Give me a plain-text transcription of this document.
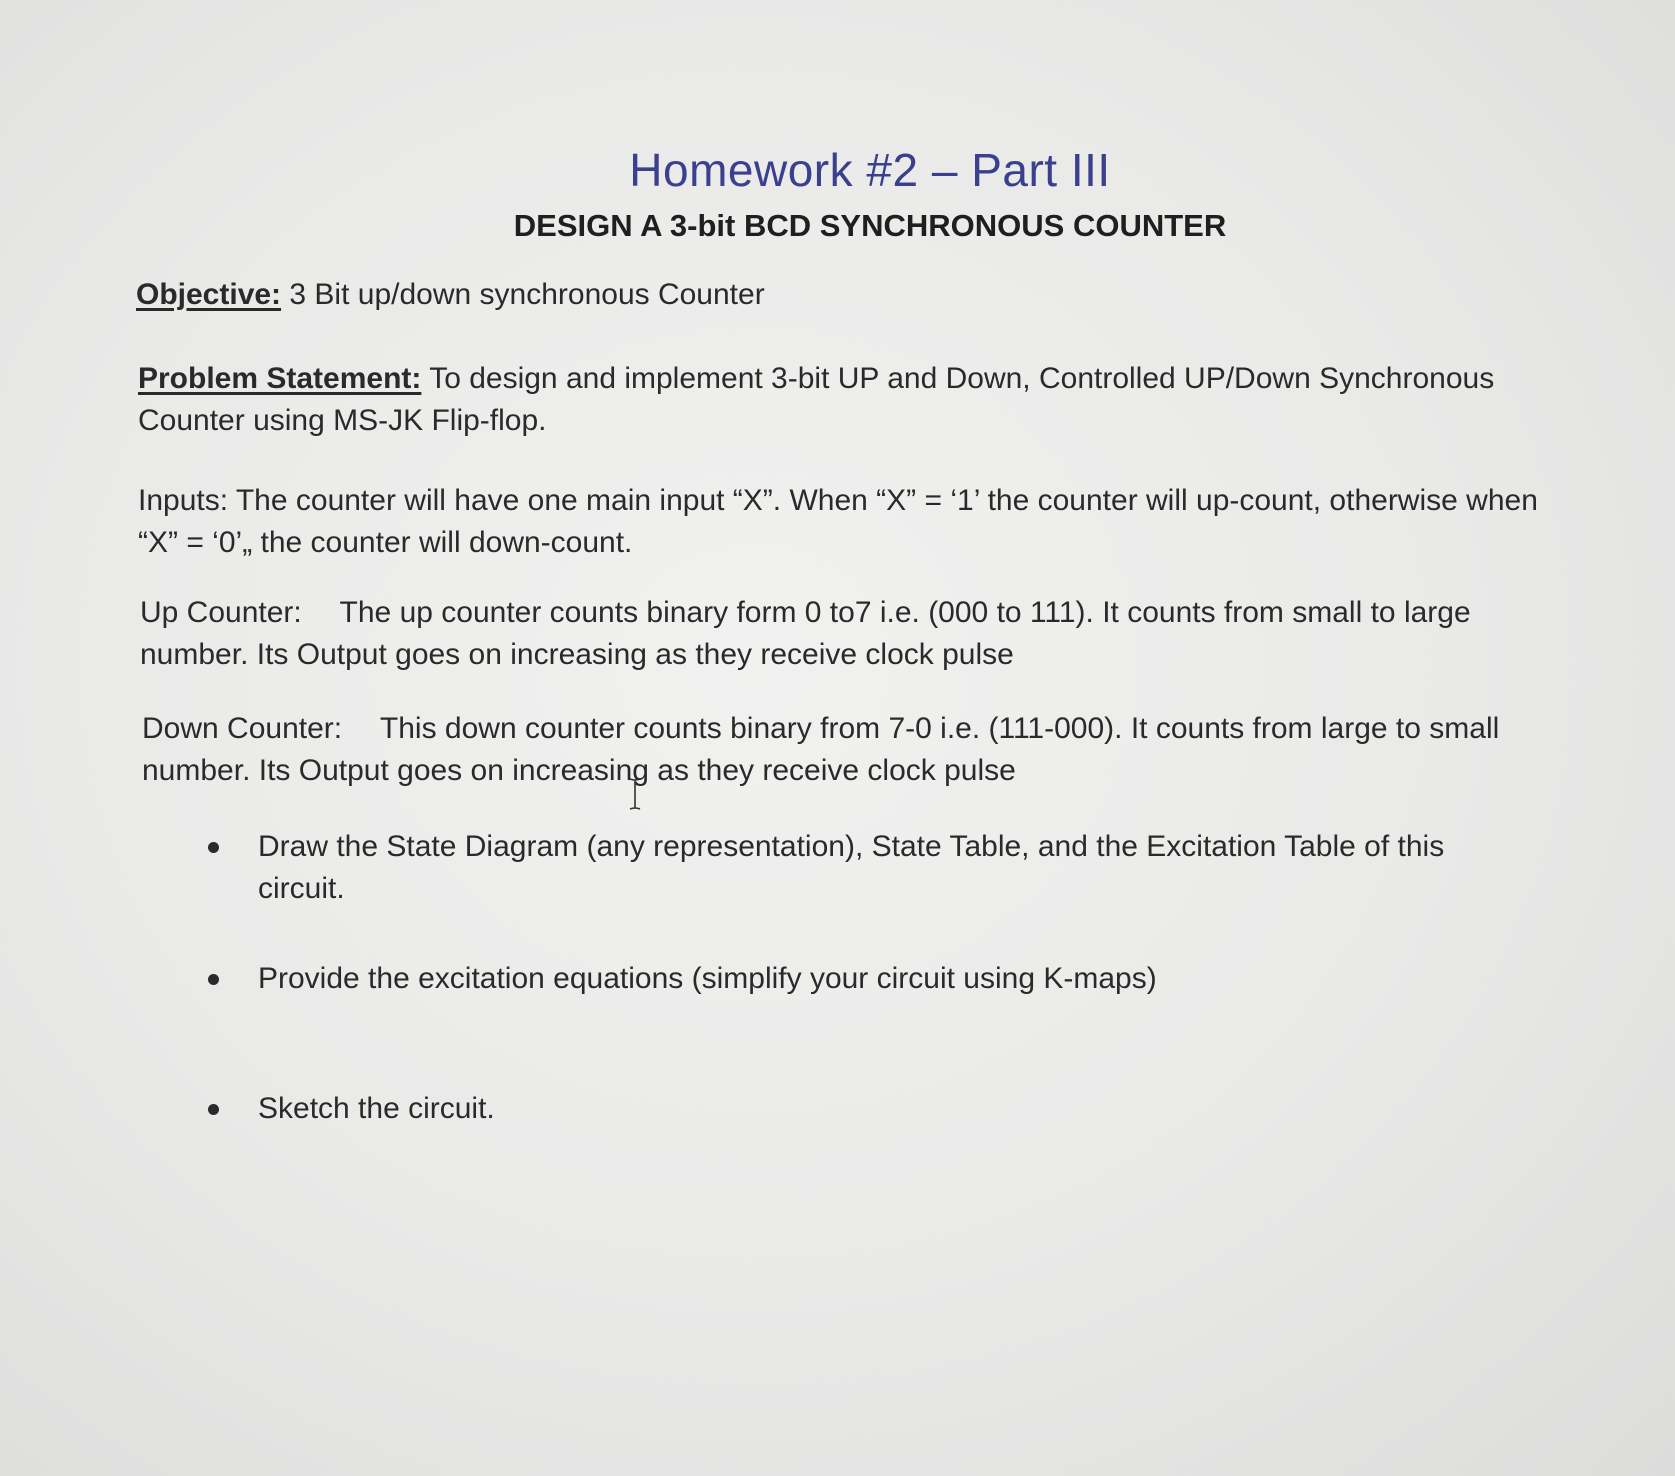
Homework #2 – Part III
DESIGN A 3-bit BCD SYNCHRONOUS COUNTER
Objective: 3 Bit up/down synchronous Counter
Problem Statement: To design and implement 3-bit UP and Down, Controlled UP/Down Synchronous Counter using MS-JK Flip-flop.
Inputs: The counter will have one main input “X”. When “X” = ‘1’ the counter will up-count, otherwise when “X” = ‘0’„ the counter will down-count.
Up Counter: The up counter counts binary form 0 to7 i.e. (000 to 111). It counts from small to large number. Its Output goes on increasing as they receive clock pulse
Down Counter: This down counter counts binary from 7-0 i.e. (111-000). It counts from large to small number. Its Output goes on increasing as they receive clock pulse
Draw the State Diagram (any representation), State Table, and the Excitation Table of this circuit.
Provide the excitation equations (simplify your circuit using K-maps)
Sketch the circuit.
